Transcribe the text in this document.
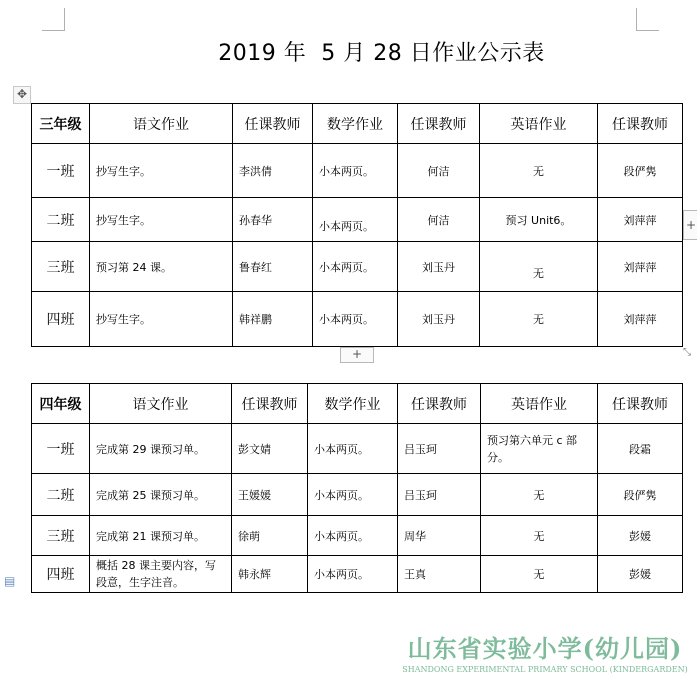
2019 年 5 月 28 日作业公示表
✥
三年级	语文作业	任课教师	数学作业	任课教师	英语作业	任课教师
一班	抄写生字。	李洪倩	小本两页。	何洁	无	段俨隽
二班	抄写生字。	孙春华	小本两页。	何洁	预习 Unit6。	刘萍萍
三班	预习第 24 课。	鲁春红	小本两页。	刘玉丹	无	刘萍萍
四班	抄写生字。	韩祥鹏	小本两页。	刘玉丹	无	刘萍萍
+
+
⤡
四年级	语文作业	任课教师	数学作业	任课教师	英语作业	任课教师
一班	完成第 29 课预习单。	彭文婧	小本两页。	吕玉珂	预习第六单元 c 部分。	段霜
二班	完成第 25 课预习单。	王媛媛	小本两页。	吕玉珂	无	段俨隽
三班	完成第 21 课预习单。	徐萌	小本两页。	周华	无	彭媛
四班	概括 28 课主要内容，写段意，生字注音。	韩永辉	小本两页。	王真	无	彭媛
▤
山东省实验小学(幼儿园)
SHANDONG EXPERIMENTAL PRIMARY SCHOOL (KINDERGARDEN)
